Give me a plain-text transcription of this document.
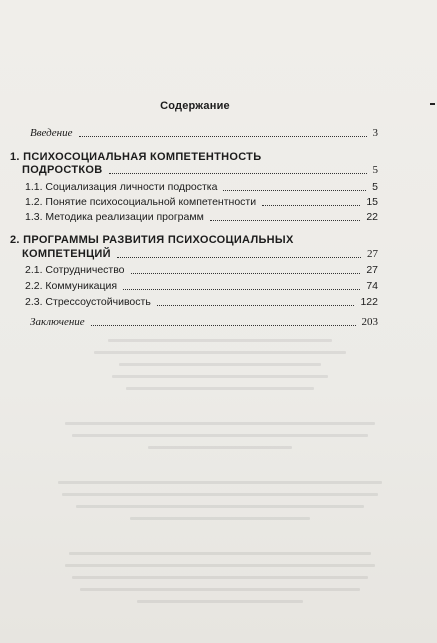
Содержание
Введение	3
1. ПСИХОСОЦИАЛЬНАЯ КОМПЕТЕНТНОСТЬ
ПОДРОСТКОВ	5
1.1. Социализация личности подростка	5
1.2. Понятие психосоциальной компетентности	15
1.3. Методика реализации программ	22
2. ПРОГРАММЫ РАЗВИТИЯ ПСИХОСОЦИАЛЬНЫХ
КОМПЕТЕНЦИЙ	27
2.1. Сотрудничество	27
2.2. Коммуникация	74
2.3. Стрессоустойчивость	122
Заключение	203
